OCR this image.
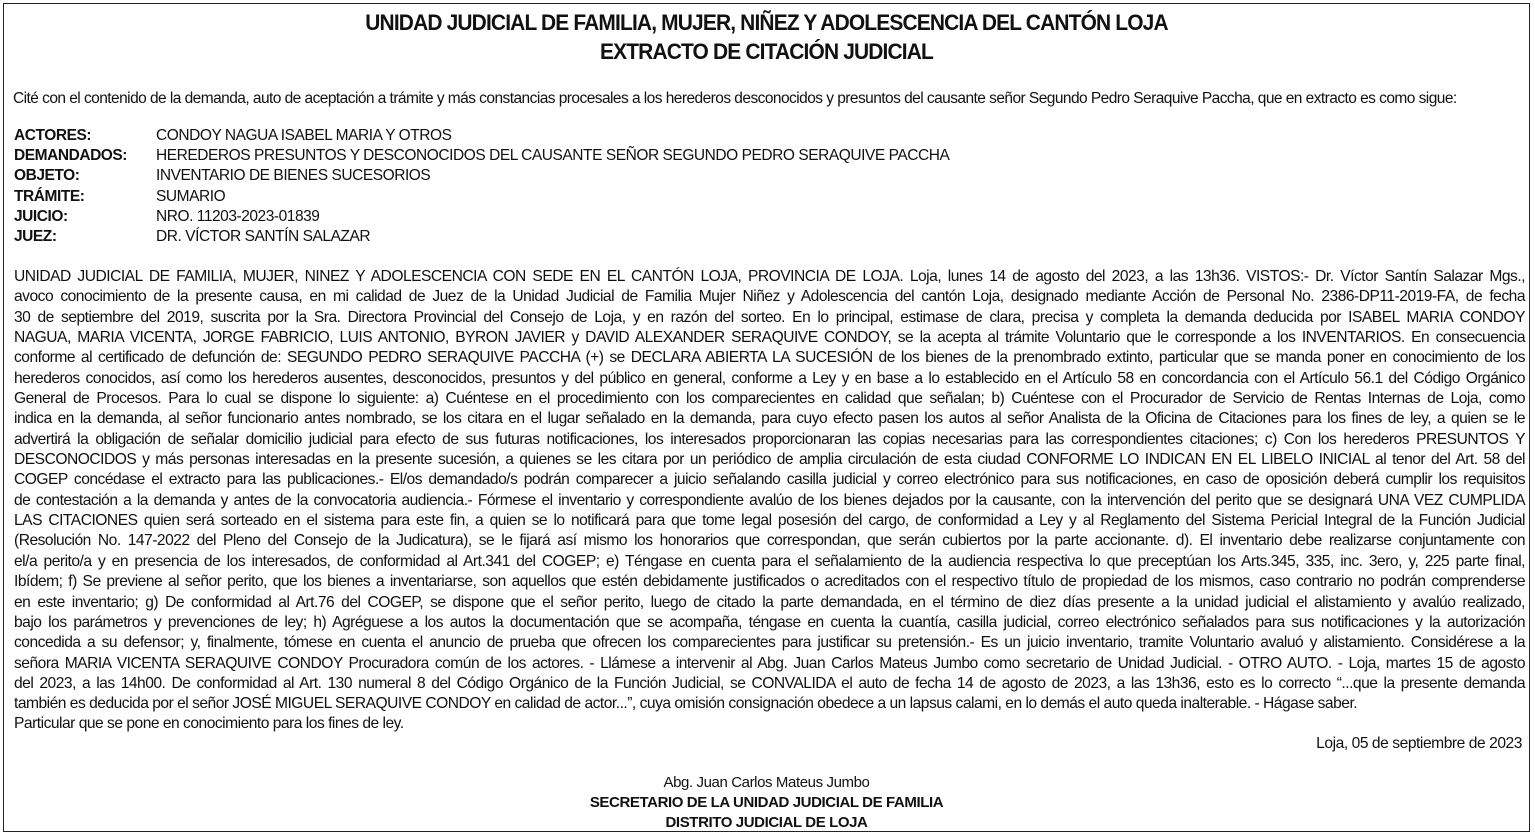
UNIDAD JUDICIAL DE FAMILIA, MUJER, NIÑEZ Y ADOLESCENCIA DEL CANTÓN LOJA
EXTRACTO DE CITACIÓN JUDICIAL
Cité con el contenido de la demanda, auto de aceptación a trámite y más constancias procesales a los herederos desconocidos y presuntos del causante señor Segundo Pedro Seraquive Paccha, que en extracto es como sigue:
ACTORES:	CONDOY NAGUA ISABEL MARIA Y OTROS
DEMANDADOS: HEREDEROS PRESUNTOS Y DESCONOCIDOS DEL CAUSANTE SEÑOR SEGUNDO PEDRO SERAQUIVE PACCHA
OBJETO:	INVENTARIO DE BIENES SUCESORIOS
TRÁMITE:	SUMARIO
JUICIO:	NRO. 11203-2023-01839
JUEZ:	DR. VÍCTOR SANTÍN SALAZAR
UNIDAD JUDICIAL DE FAMILIA, MUJER, NINEZ Y ADOLESCENCIA CON SEDE EN EL CANTÓN LOJA, PROVINCIA DE LOJA. Loja, lunes 14 de agosto del 2023, a las 13h36. VISTOS:- Dr. Víctor Santín Salazar Mgs.,
avoco conocimiento de la presente causa, en mi calidad de Juez de la Unidad Judicial de Familia Mujer Niñez y Adolescencia del cantón Loja, designado mediante Acción de Personal No. 2386-DP11-2019-FA, de fecha
30 de septiembre del 2019, suscrita por la Sra. Directora Provincial del Consejo de Loja, y en razón del sorteo. En lo principal, estimase de clara, precisa y completa la demanda deducida por ISABEL MARIA CONDOY
NAGUA, MARIA VICENTA, JORGE FABRICIO, LUIS ANTONIO, BYRON JAVIER y DAVID ALEXANDER SERAQUIVE CONDOY, se la acepta al trámite Voluntario que le corresponde a los INVENTARIOS. En consecuencia
conforme al certificado de defunción de: SEGUNDO PEDRO SERAQUIVE PACCHA (+) se DECLARA ABIERTA LA SUCESIÓN de los bienes de la prenombrado extinto, particular que se manda poner en conocimiento de los
herederos conocidos, así como los herederos ausentes, desconocidos, presuntos y del público en general, conforme a Ley y en base a lo establecido en el Artículo 58 en concordancia con el Artículo 56.1 del Código Orgánico
General de Procesos. Para lo cual se dispone lo siguiente: a) Cuéntese en el procedimiento con los comparecientes en calidad que señalan; b) Cuéntese con el Procurador de Servicio de Rentas Internas de Loja, como
indica en la demanda, al señor funcionario antes nombrado, se los citara en el lugar señalado en la demanda, para cuyo efecto pasen los autos al señor Analista de la Oficina de Citaciones para los fines de ley, a quien se le
advertirá la obligación de señalar domicilio judicial para efecto de sus futuras notificaciones, los interesados proporcionaran las copias necesarias para las correspondientes citaciones; c) Con los herederos PRESUNTOS Y
DESCONOCIDOS y más personas interesadas en la presente sucesión, a quienes se les citara por un periódico de amplia circulación de esta ciudad CONFORME LO INDICAN EN EL LIBELO INICIAL al tenor del Art. 58 del
COGEP concédase el extracto para las publicaciones.- El/os demandado/s podrán comparecer a juicio señalando casilla judicial y correo electrónico para sus notificaciones, en caso de oposición deberá cumplir los requisitos
de contestación a la demanda y antes de la convocatoria audiencia.- Fórmese el inventario y correspondiente avalúo de los bienes dejados por la causante, con la intervención del perito que se designará UNA VEZ CUMPLIDA
LAS CITACIONES quien será sorteado en el sistema para este fin, a quien se lo notificará para que tome legal posesión del cargo, de conformidad a Ley y al Reglamento del Sistema Pericial Integral de la Función Judicial
(Resolución No. 147-2022 del Pleno del Consejo de la Judicatura), se le fijará así mismo los honorarios que correspondan, que serán cubiertos por la parte accionante. d). El inventario debe realizarse conjuntamente con
el/a perito/a y en presencia de los interesados, de conformidad al Art.341 del COGEP; e) Téngase en cuenta para el señalamiento de la audiencia respectiva lo que preceptúan los Arts.345, 335, inc. 3ero, y, 225 parte final,
Ibídem; f) Se previene al señor perito, que los bienes a inventariarse, son aquellos que estén debidamente justificados o acreditados con el respectivo título de propiedad de los mismos, caso contrario no podrán comprenderse
en este inventario; g) De conformidad al Art.76 del COGEP, se dispone que el señor perito, luego de citado la parte demandada, en el término de diez días presente a la unidad judicial el alistamiento y avalúo realizado,
bajo los parámetros y prevenciones de ley; h) Agréguese a los autos la documentación que se acompaña, téngase en cuenta la cuantía, casilla judicial, correo electrónico señalados para sus notificaciones y la autorización
concedida a su defensor; y, finalmente, tómese en cuenta el anuncio de prueba que ofrecen los comparecientes para justificar su pretensión.- Es un juicio inventario, tramite Voluntario avaluó y alistamiento. Considérese a la
señora MARIA VICENTA SERAQUIVE CONDOY Procuradora común de los actores. - Llámese a intervenir al Abg. Juan Carlos Mateus Jumbo como secretario de Unidad Judicial. - OTRO AUTO. - Loja, martes 15 de agosto
del 2023, a las 14h00. De conformidad al Art. 130 numeral 8 del Código Orgánico de la Función Judicial, se CONVALIDA el auto de fecha 14 de agosto de 2023, a las 13h36, esto es lo correcto “...que la presente demanda
también es deducida por el señor JOSÉ MIGUEL SERAQUIVE CONDOY en calidad de actor...”, cuya omisión consignación obedece a un lapsus calami, en lo demás el auto queda inalterable. - Hágase saber.
Particular que se pone en conocimiento para los fines de ley.
Loja, 05 de septiembre de 2023
Abg. Juan Carlos Mateus Jumbo
SECRETARIO DE LA UNIDAD JUDICIAL DE FAMILIA
DISTRITO JUDICIAL DE LOJA
